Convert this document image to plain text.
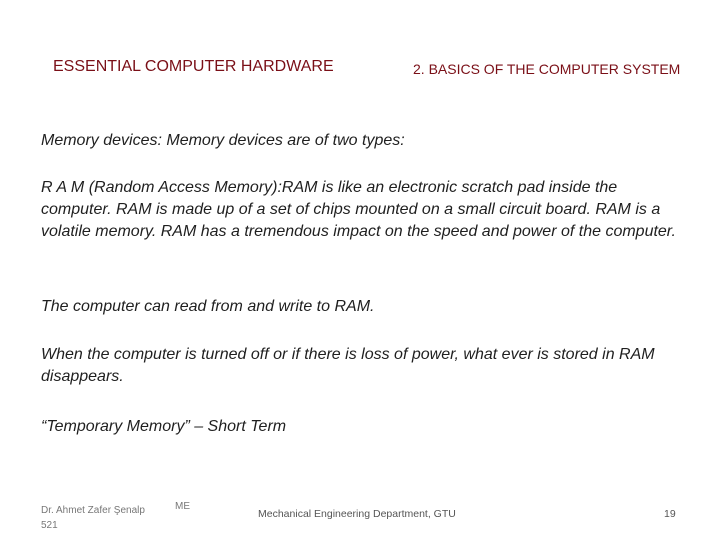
ESSENTIAL COMPUTER HARDWARE	2. BASICS OF THE COMPUTER SYSTEM

Memory devices: Memory devices are of two types:

R A M (Random Access Memory):RAM is like an electronic scratch pad inside the computer. RAM is made up of a set of chips mounted on a small circuit board. RAM is a volatile memory. RAM has a tremendous impact on the speed and power of the computer.

The computer can read from and write to RAM.

When the computer is turned off or if there is loss of power, what ever is stored in RAM disappears.

“Temporary Memory” – Short Term

Dr. Ahmet Zafer Şenalp
521
ME
Mechanical Engineering Department, GTU	19
